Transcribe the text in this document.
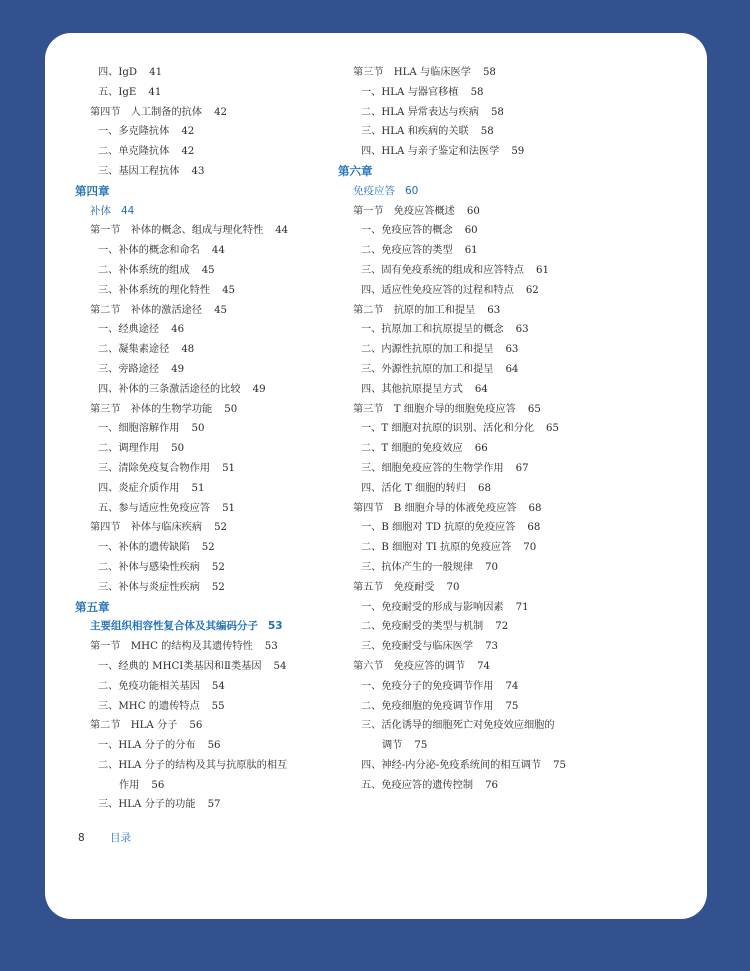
四、IgD 41
五、IgE 41
第四节　人工制备的抗体 42
一、多克隆抗体 42
二、单克隆抗体 42
三、基因工程抗体 43
第四章
补体 44
第一节　补体的概念、组成与理化特性 44
一、补体的概念和命名 44
二、补体系统的组成 45
三、补体系统的理化特性 45
第二节　补体的激活途径 45
一、经典途径 46
二、凝集素途径 48
三、旁路途径 49
四、补体的三条激活途径的比较 49
第三节　补体的生物学功能 50
一、细胞溶解作用 50
二、调理作用 50
三、清除免疫复合物作用 51
四、炎症介质作用 51
五、参与适应性免疫应答 51
第四节　补体与临床疾病 52
一、补体的遗传缺陷 52
二、补体与感染性疾病 52
三、补体与炎症性疾病 52
第五章
主要组织相容性复合体及其编码分子 53
第一节　MHC 的结构及其遗传特性 53
一、经典的 MHCⅠ类基因和Ⅱ类基因 54
二、免疫功能相关基因 54
三、MHC 的遗传特点 55
第二节　HLA 分子 56
一、HLA 分子的分布 56
二、HLA 分子的结构及其与抗原肽的相互
作用 56
三、HLA 分子的功能 57
第三节　HLA 与临床医学 58
一、HLA 与器官移植 58
二、HLA 异常表达与疾病 58
三、HLA 和疾病的关联 58
四、HLA 与亲子鉴定和法医学 59
第六章
免疫应答 60
第一节　免疫应答概述 60
一、免疫应答的概念 60
二、免疫应答的类型 61
三、固有免疫系统的组成和应答特点 61
四、适应性免疫应答的过程和特点 62
第二节　抗原的加工和提呈 63
一、抗原加工和抗原提呈的概念 63
二、内源性抗原的加工和提呈 63
三、外源性抗原的加工和提呈 64
四、其他抗原提呈方式 64
第三节　T 细胞介导的细胞免疫应答 65
一、T 细胞对抗原的识别、活化和分化 65
二、T 细胞的免疫效应 66
三、细胞免疫应答的生物学作用 67
四、活化 T 细胞的转归 68
第四节　B 细胞介导的体液免疫应答 68
一、B 细胞对 TD 抗原的免疫应答 68
二、B 细胞对 TI 抗原的免疫应答 70
三、抗体产生的一般规律 70
第五节　免疫耐受 70
一、免疫耐受的形成与影响因素 71
二、免疫耐受的类型与机制 72
三、免疫耐受与临床医学 73
第六节　免疫应答的调节 74
一、免疫分子的免疫调节作用 74
二、免疫细胞的免疫调节作用 75
三、活化诱导的细胞死亡对免疫效应细胞的
调节 75
四、神经-内分泌-免疫系统间的相互调节 75
五、免疫应答的遗传控制 76
8 目录
